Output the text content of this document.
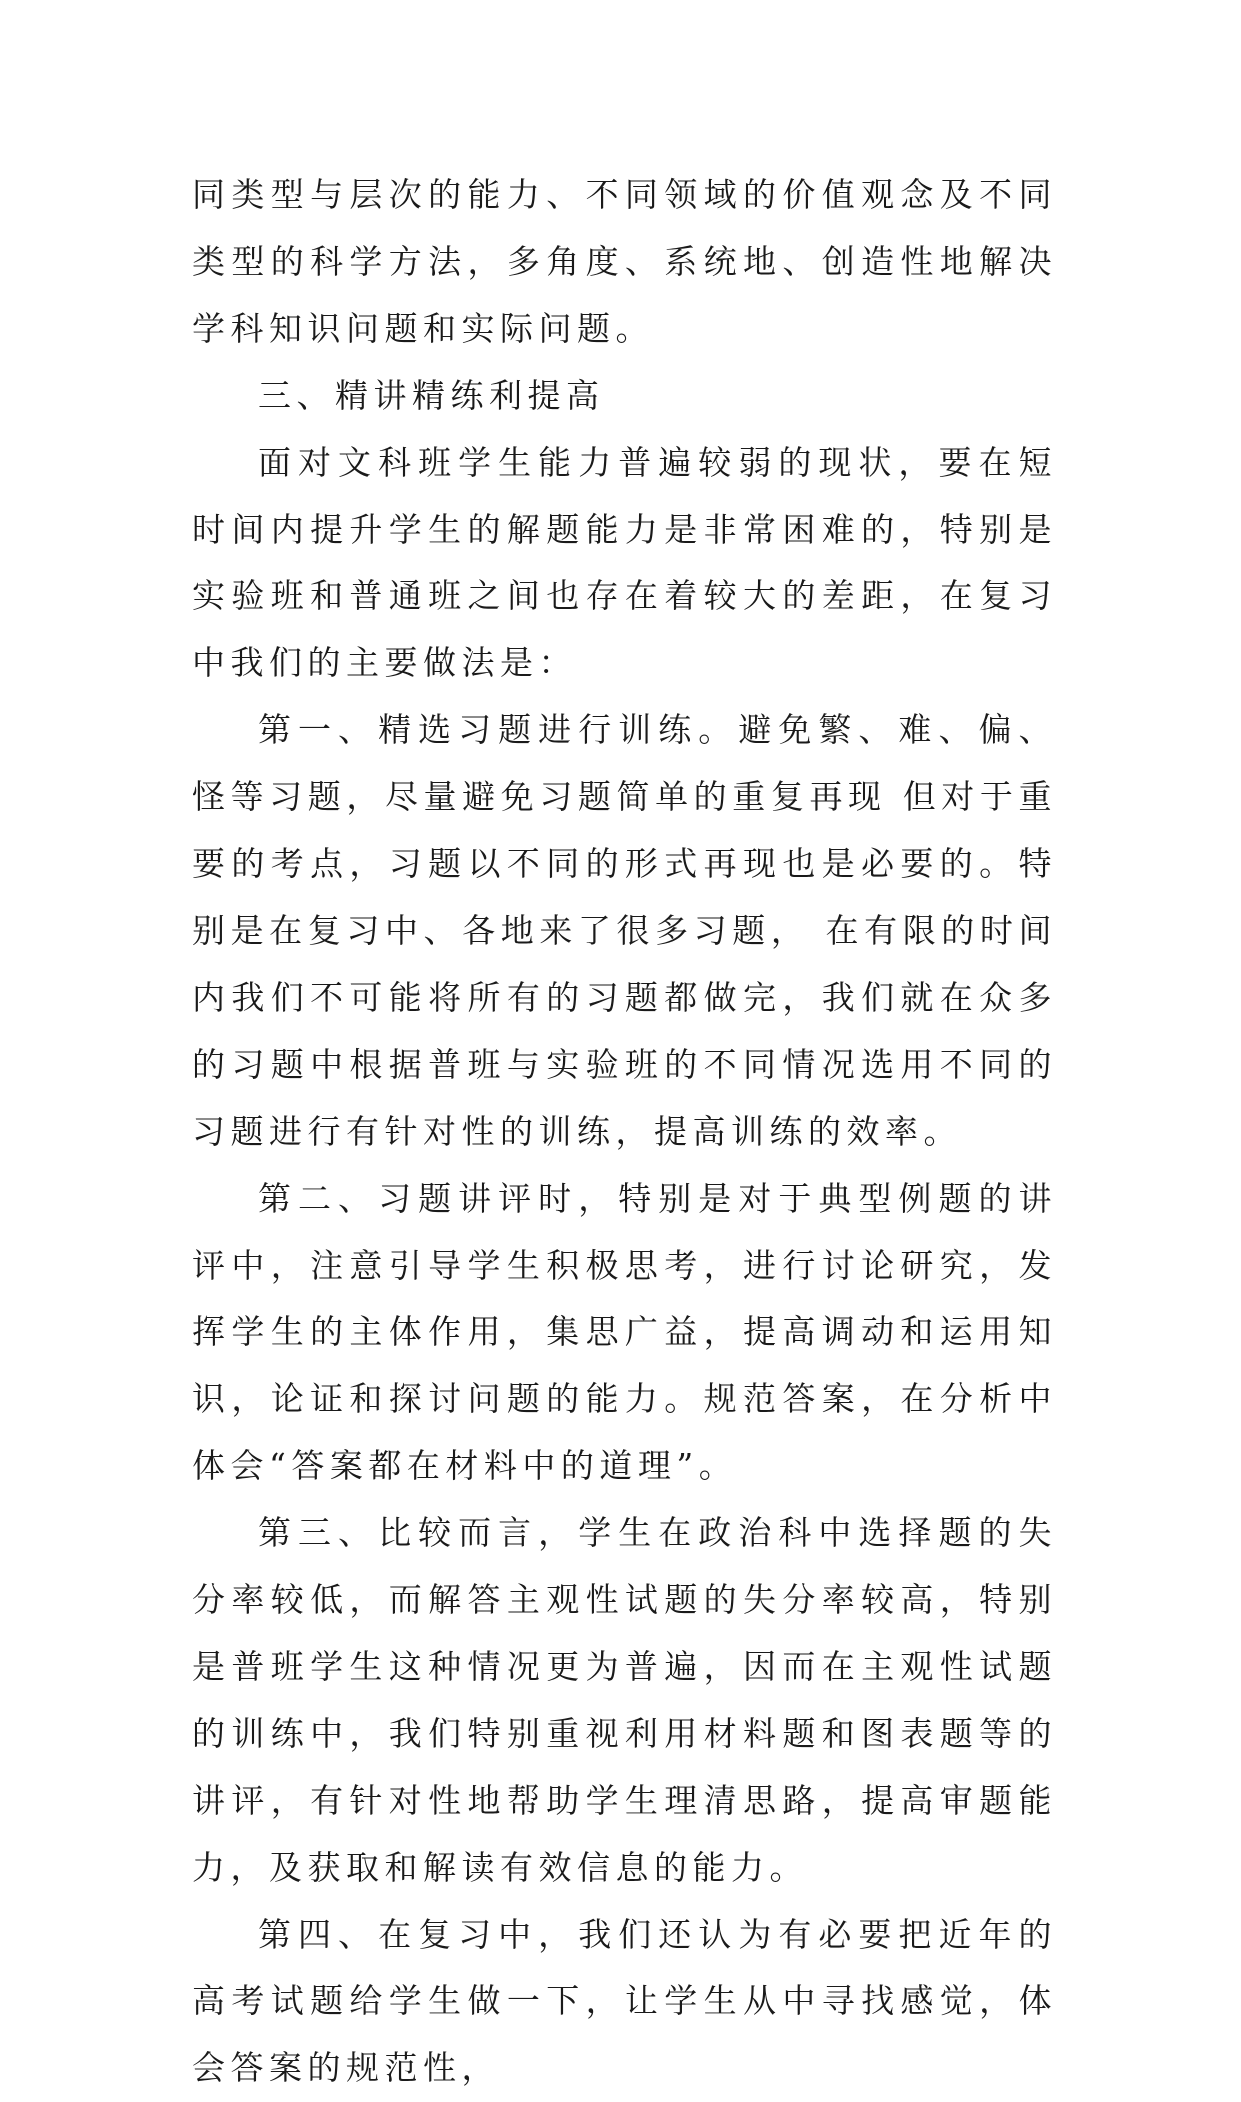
同类型与层次的能力、不同领域的价值观念及不同类型的科学方法，多角度、系统地、创造性地解决学科知识问题和实际问题。

三、精讲精练利提高

面对文科班学生能力普遍较弱的现状，要在短时间内提升学生的解题能力是非常困难的，特别是实验班和普通班之间也存在着较大的差距，在复习中我们的主要做法是：

第一、精选习题进行训练。避免繁、难、偏、怪等习题，尽量避免习题简单的重复再现 但对于重要的考点，习题以不同的形式再现也是必要的。特别是在复习中、各地来了很多习题， 在有限的时间内我们不可能将所有的习题都做完，我们就在众多的习题中根据普班与实验班的不同情况选用不同的习题进行有针对性的训练，提高训练的效率。

第二、习题讲评时，特别是对于典型例题的讲评中，注意引导学生积极思考，进行讨论研究，发挥学生的主体作用，集思广益，提高调动和运用知识，论证和探讨问题的能力。规范答案，在分析中体会“答案都在材料中的道理”。

第三、比较而言，学生在政治科中选择题的失分率较低，而解答主观性试题的失分率较高，特别是普班学生这种情况更为普遍，因而在主观性试题的训练中，我们特别重视利用材料题和图表题等的讲评，有针对性地帮助学生理清思路，提高审题能力，及获取和解读有效信息的能力。

第四、在复习中，我们还认为有必要把近年的高考试题给学生做一下，让学生从中寻找感觉，体会答案的规范性，
